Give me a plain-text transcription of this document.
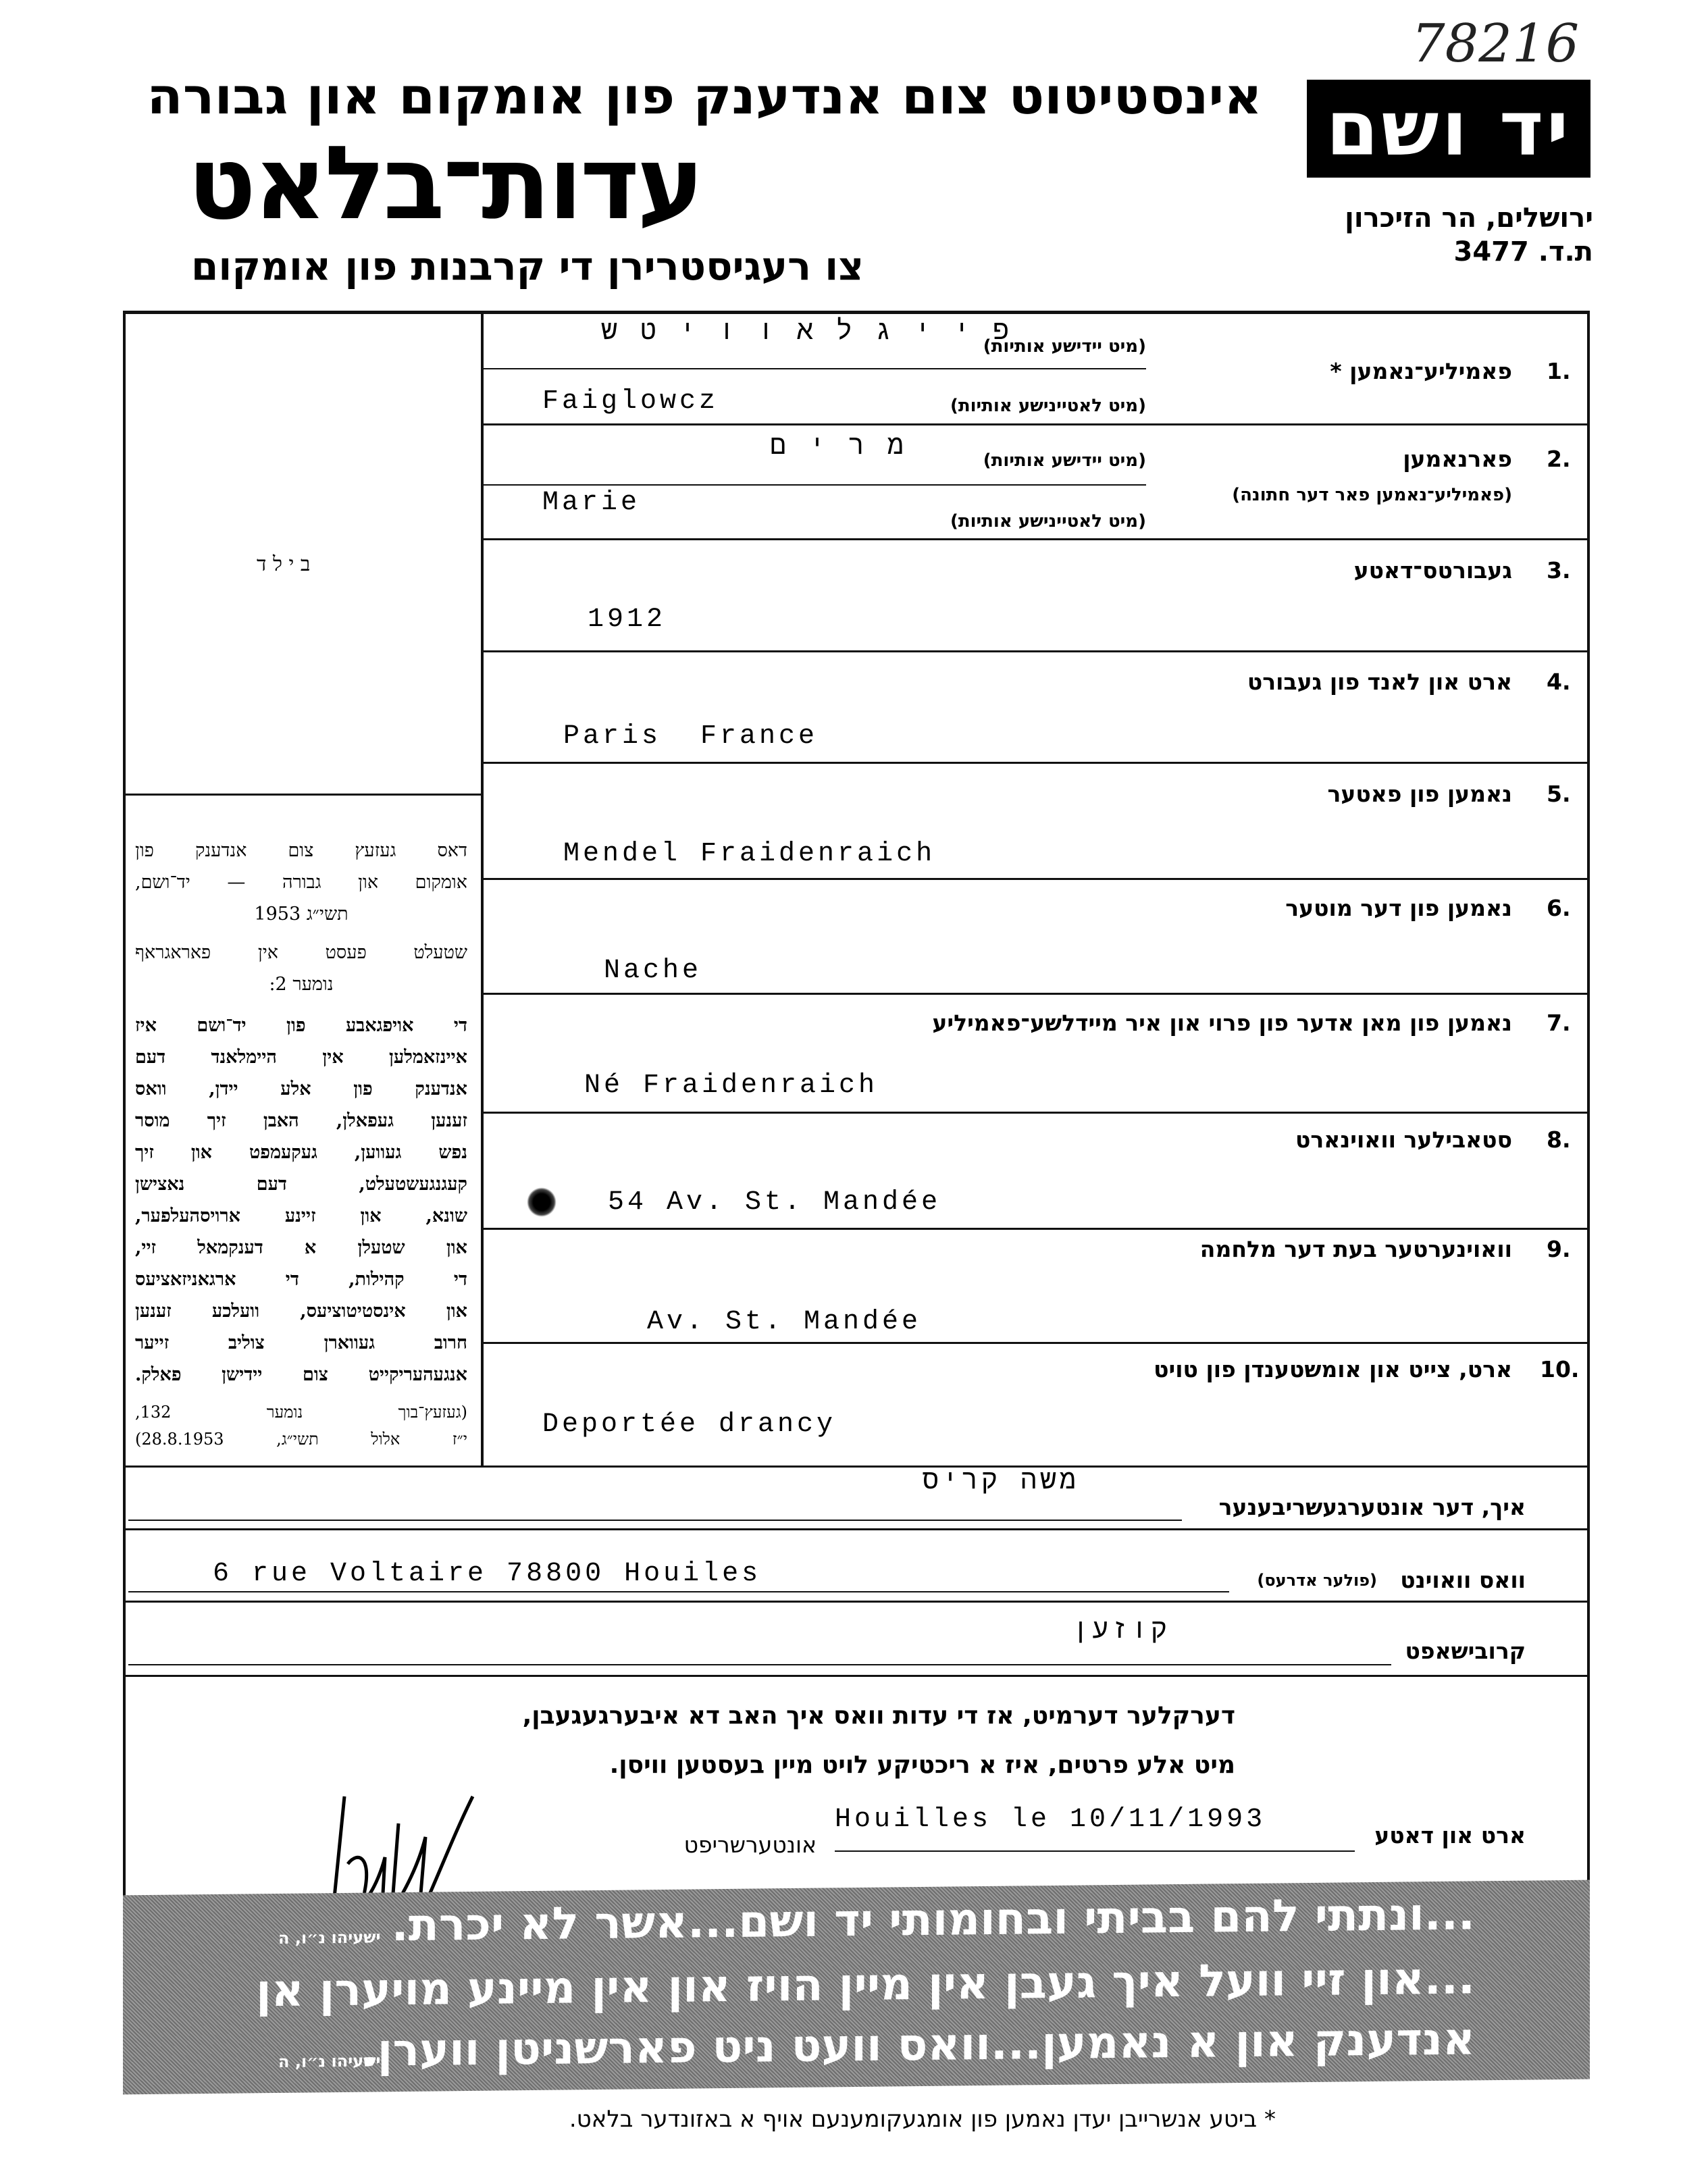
78216
אינסטיטוט צום אנדענק פון אומקום און גבורה
עדות־בלאט
צו רעגיסטרירן די קרבנות פון אומקום
יד ושם
ירושלים, הר הזיכרון
ת.ד. 3477
ב י ל ד
דאס געזעץ צום אנדענק פון
אומקום און גבורה — יד־ושם,
תשי״ג 1953
שטעלט פעסט אין פאראגראף
נומער 2:
די אויפגאבע פון יד־ושם איז
איינזאמלען אין היימלאנד דעם
אנדענק פון אלע יידן, וואס
זענען געפאלן, האבן זיך מוסר
נפש געווען, געקעמפט און זיך
קעגנגעשטעלט, דעם נאצישן
שונא, און זיינע ארויסהעלפער,
און שטעלן א דענקמאל זיי,
די קהילות, די ארגאניזאציעס
און אינסטיטוציעס, וועלכע זענען
חרוב געווארן צוליב זייער
אנגעהעריקייט צום יידישן פאלק.
(געזעץ־בוך נומער 132,
י״ז אלול תשי״ג, 28.8.1953)
1.
פאמיליע־נאמען *
(מיט יידישע אותיות)
פ י י ג ל א ו ו י ט ש
(מיט לאטיינישע אותיות)
Faiglowcz
2.
פארנאמען
(פאמיליע־נאמען פאר דער חתונה)
(מיט יידישע אותיות)
מ ר י ם
(מיט לאטיינישע אותיות)
Marie
3.
געבורטס־דאטע
1912
4.
ארט און לאנד פון געבורט
Paris  France
5.
נאמען פון פאטער
Mendel Fraidenraich
6.
נאמען פון דער מוטער
Nache
7.
נאמען פון מאן אדער פון פרוי און איר מיידלשע־פאמיליע
Né Fraidenraich
8.
סטאבילער וואוינארט
54 Av. St. Mandée
9.
וואוינערטער בעת דער מלחמה
Av. St. Mandée
10.
ארט, צייט און אומשטענדן פון טויט
Deportée drancy
איך, דער אונטערגעשריבענער
משה קריס
וואס וואוינט
(פולער אדרעס)
6 rue Voltaire 78800 Houiles
קרובישאפט
קוזען
דערקלער דערמיט, אז די עדות וואס איך האב דא איבערגעגעבן,
מיט אלע פרטים, איז א ריכטיקע לויט מיין בעסטען וויסן.
ארט און דאטע
Houilles le 10/11/1993
אונטערשריפט
...ונתתי להם בביתי ובחומותי יד ושם...אשר לא יכרת.
ישעיהו נ״ו, ה
...און זיי וועל איך געבן אין מיין הויז און אין מיינע מויערן אן
אנדענק און א נאמען...וואס וועט ניט פארשניטן ווערן.
ישעיהו נ״ו, ה
* ביטע אנשרייבן יעדן נאמען פון אומגעקומענעם אויף א באזונדער בלאט.
